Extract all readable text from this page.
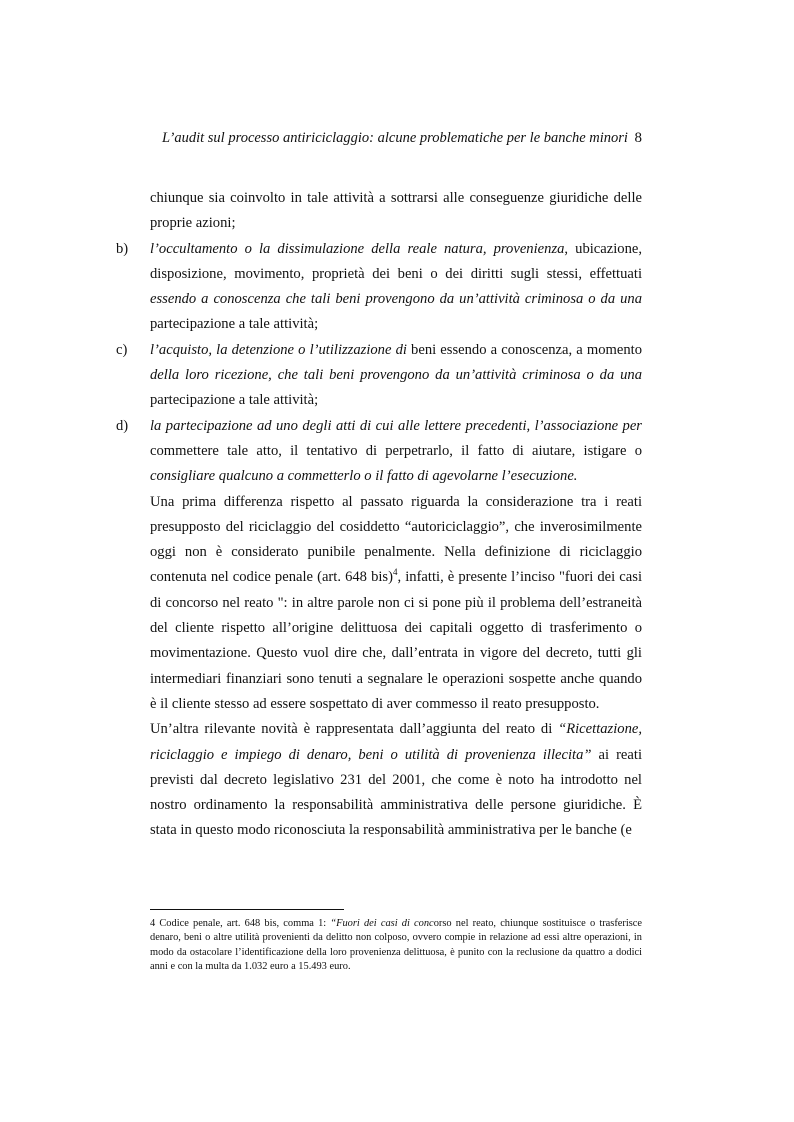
L’audit sul processo antiriciclaggio: alcune problematiche per le banche minori 8

chiunque sia coinvolto in tale attività a sottrarsi alle conseguenze giuridiche delle proprie azioni;

b) l’occultamento o la dissimulazione della reale natura, provenienza, ubicazione, disposizione, movimento, proprietà dei beni o dei diritti sugli stessi, effettuati essendo a conoscenza che tali beni provengono da un’attività criminosa o da una partecipazione a tale attività;

c) l’acquisto, la detenzione o l’utilizzazione di beni essendo a conoscenza, a momento della loro ricezione, che tali beni provengono da un’attività criminosa o da una partecipazione a tale attività;

d) la partecipazione ad uno degli atti di cui alle lettere precedenti, l’associazione per commettere tale atto, il tentativo di perpetrarlo, il fatto di aiutare, istigare o consigliare qualcuno a commetterlo o il fatto di agevolarne l’esecuzione.

Una prima differenza rispetto al passato riguarda la considerazione tra i reati presupposto del riciclaggio del cosiddetto “autoriciclaggio”, che inverosimilmente oggi non è considerato punibile penalmente. Nella definizione di riciclaggio contenuta nel codice penale (art. 648 bis)$^4$, infatti, è presente l’inciso "fuori dei casi di concorso nel reato ": in altre parole non ci si pone più il problema dell’estraneità del cliente rispetto all’origine delittuosa dei capitali oggetto di trasferimento o movimentazione. Questo vuol dire che, dall’entrata in vigore del decreto, tutti gli intermediari finanziari sono tenuti a segnalare le operazioni sospette anche quando è il cliente stesso ad essere sospettato di aver commesso il reato presupposto.

Un’altra rilevante novità è rappresentata dall’aggiunta del reato di “Ricettazione, riciclaggio e impiego di denaro, beni o utilità di provenienza illecita” ai reati previsti dal decreto legislativo 231 del 2001, che come è noto ha introdotto nel nostro ordinamento la responsabilità amministrativa delle persone giuridiche. È stata in questo modo riconosciuta la responsabilità amministrativa per le banche (e

4 Codice penale, art. 648 bis, comma 1: “Fuori dei casi di concorso nel reato, chiunque sostituisce o trasferisce denaro, beni o altre utilità provenienti da delitto non colposo, ovvero compie in relazione ad essi altre operazioni, in modo da ostacolare l’identificazione della loro provenienza delittuosa, è punito con la reclusione da quattro a dodici anni e con la multa da 1.032 euro a 15.493 euro.
